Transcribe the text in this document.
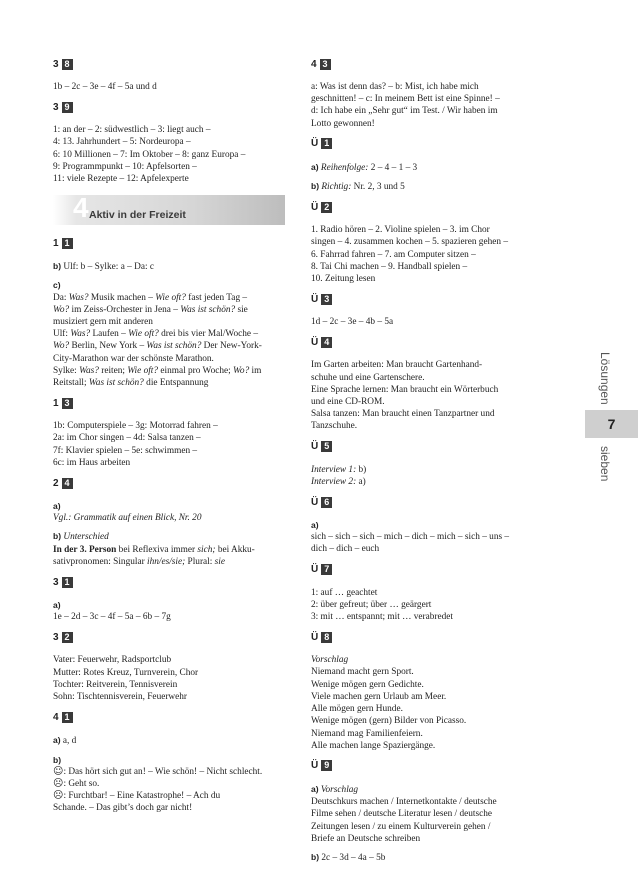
3 8
1b – 2c – 3e – 4f – 5a und d
3 9
1: an der – 2: südwestlich – 3: liegt auch –
4: 13. Jahrhundert – 5: Nordeuropa –
6: 10 Millionen – 7: Im Oktober – 8: ganz Europa –
9: Programmpunkt – 10: Apfelsorten –
11: viele Rezepte – 12: Apfelexperte
4 Aktiv in der Freizeit
1 1
b) Ulf: b – Sylke: a – Da: c
c)
Da: Was? Musik machen – Wie oft? fast jeden Tag –
Wo? im Zeiss-Orchester in Jena – Was ist schön? sie
musiziert gern mit anderen
Ulf: Was? Laufen – Wie oft? drei bis vier Mal/Woche –
Wo? Berlin, New York – Was ist schön? Der New-York-
City-Marathon war der schönste Marathon.
Sylke: Was? reiten; Wie oft? einmal pro Woche; Wo? im
Reitstall; Was ist schön? die Entspannung
1 3
1b: Computerspiele – 3g: Motorrad fahren –
2a: im Chor singen – 4d: Salsa tanzen –
7f: Klavier spielen – 5e: schwimmen –
6c: im Haus arbeiten
2 4
a)
Vgl.: Grammatik auf einen Blick, Nr. 20
b) Unterschied
In der 3. Person bei Reflexiva immer sich; bei Akku-
sativpronomen: Singular ihn/es/sie; Plural: sie
3 1
a)
1e – 2d – 3c – 4f – 5a – 6b – 7g
3 2
Vater: Feuerwehr, Radsportclub
Mutter: Rotes Kreuz, Turnverein, Chor
Tochter: Reitverein, Tennisverein
Sohn: Tischtennisverein, Feuerwehr
4 1
a) a, d
b)
☺: Das hört sich gut an! – Wie schön! – Nicht schlecht.
☹: Geht so.
☹: Furchtbar! – Eine Katastrophe! – Ach du
Schande. – Das gibt’s doch gar nicht!
4 3
a: Was ist denn das? – b: Mist, ich habe mich
geschnitten! – c: In meinem Bett ist eine Spinne! –
d: Ich habe ein „Sehr gut“ im Test. / Wir haben im
Lotto gewonnen!
Ü 1
a) Reihenfolge: 2 – 4 – 1 – 3
b) Richtig: Nr. 2, 3 und 5
Ü 2
1. Radio hören – 2. Violine spielen – 3. im Chor
singen – 4. zusammen kochen – 5. spazieren gehen –
6. Fahrrad fahren – 7. am Computer sitzen –
8. Tai Chi machen – 9. Handball spielen –
10. Zeitung lesen
Ü 3
1d – 2c – 3e – 4b – 5a
Ü 4
Im Garten arbeiten: Man braucht Gartenhand-
schuhe und eine Gartenschere.
Eine Sprache lernen: Man braucht ein Wörterbuch
und eine CD-ROM.
Salsa tanzen: Man braucht einen Tanzpartner und
Tanzschuhe.
Ü 5
Interview 1: b)
Interview 2: a)
Ü 6
a)
sich – sich – sich – mich – dich – mich – sich – uns –
dich – dich – euch
Ü 7
1: auf … geachtet
2: über gefreut; über … geärgert
3: mit … entspannt; mit … verabredet
Ü 8
Vorschlag
Niemand macht gern Sport.
Wenige mögen gern Gedichte.
Viele machen gern Urlaub am Meer.
Alle mögen gern Hunde.
Wenige mögen (gern) Bilder von Picasso.
Niemand mag Familienfeiern.
Alle machen lange Spaziergänge.
Ü 9
a) Vorschlag
Deutschkurs machen / Internetkontakte / deutsche
Filme sehen / deutsche Literatur lesen / deutsche
Zeitungen lesen / zu einem Kulturverein gehen /
Briefe an Deutsche schreiben
b) 2c – 3d – 4a – 5b
Lösungen
7
sieben
